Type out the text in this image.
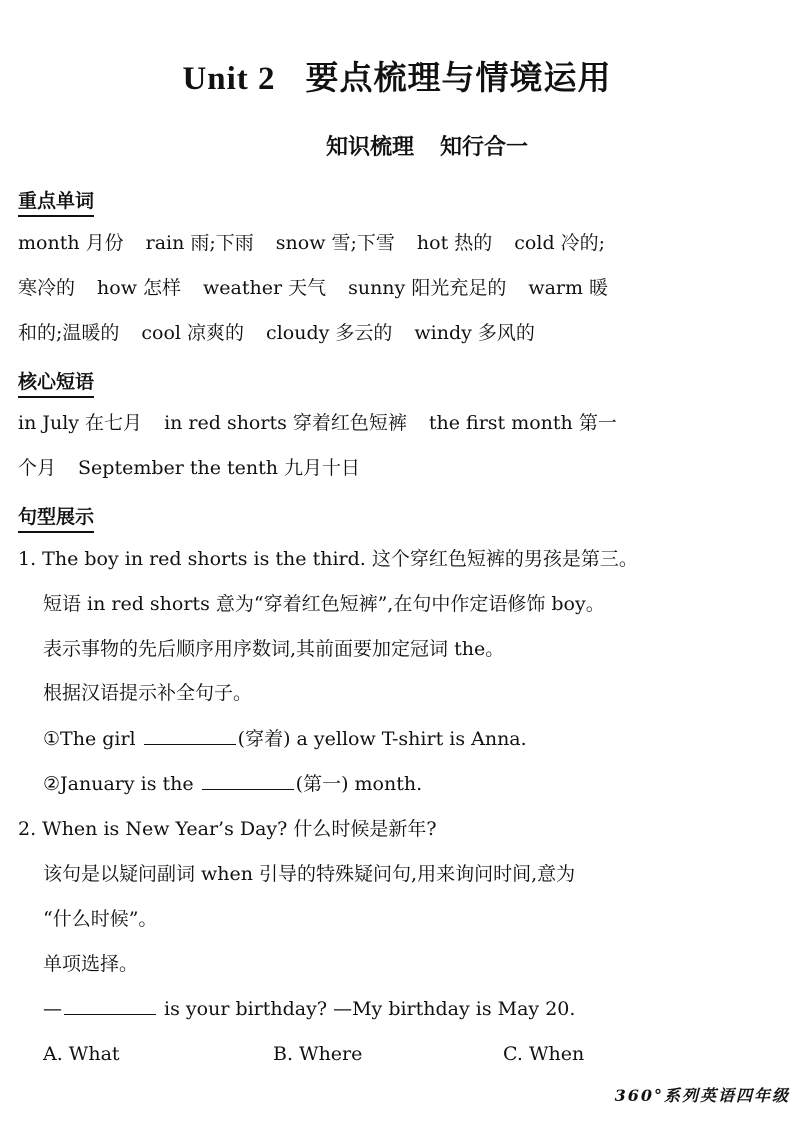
Unit 2 要点梳理与情境运用
知识梳理 知行合一
重点单词
month 月份 rain 雨;下雨 snow 雪;下雪 hot 热的 cold 冷的;
寒冷的 how 怎样 weather 天气 sunny 阳光充足的 warm 暖
和的;温暖的 cool 凉爽的 cloudy 多云的 windy 多风的
核心短语
in July 在七月 in red shorts 穿着红色短裤 the first month 第一
个月 September the tenth 九月十日
句型展示
1. The boy in red shorts is the third. 这个穿红色短裤的男孩是第三。
短语 in red shorts 意为“穿着红色短裤”,在句中作定语修饰 boy。
表示事物的先后顺序用序数词,其前面要加定冠词 the。
根据汉语提示补全句子。
①The girl	(穿着) a yellow T-shirt is Anna.
②January is the	(第一) month.
2. When is New Year’s Day? 什么时候是新年?
该句是以疑问副词 when 引导的特殊疑问句,用来询问时间,意为
“什么时候”。
单项选择。
—	is your birthday? —My birthday is May 20.
A. What	B. Where	C. When
360°系列英语四年级
